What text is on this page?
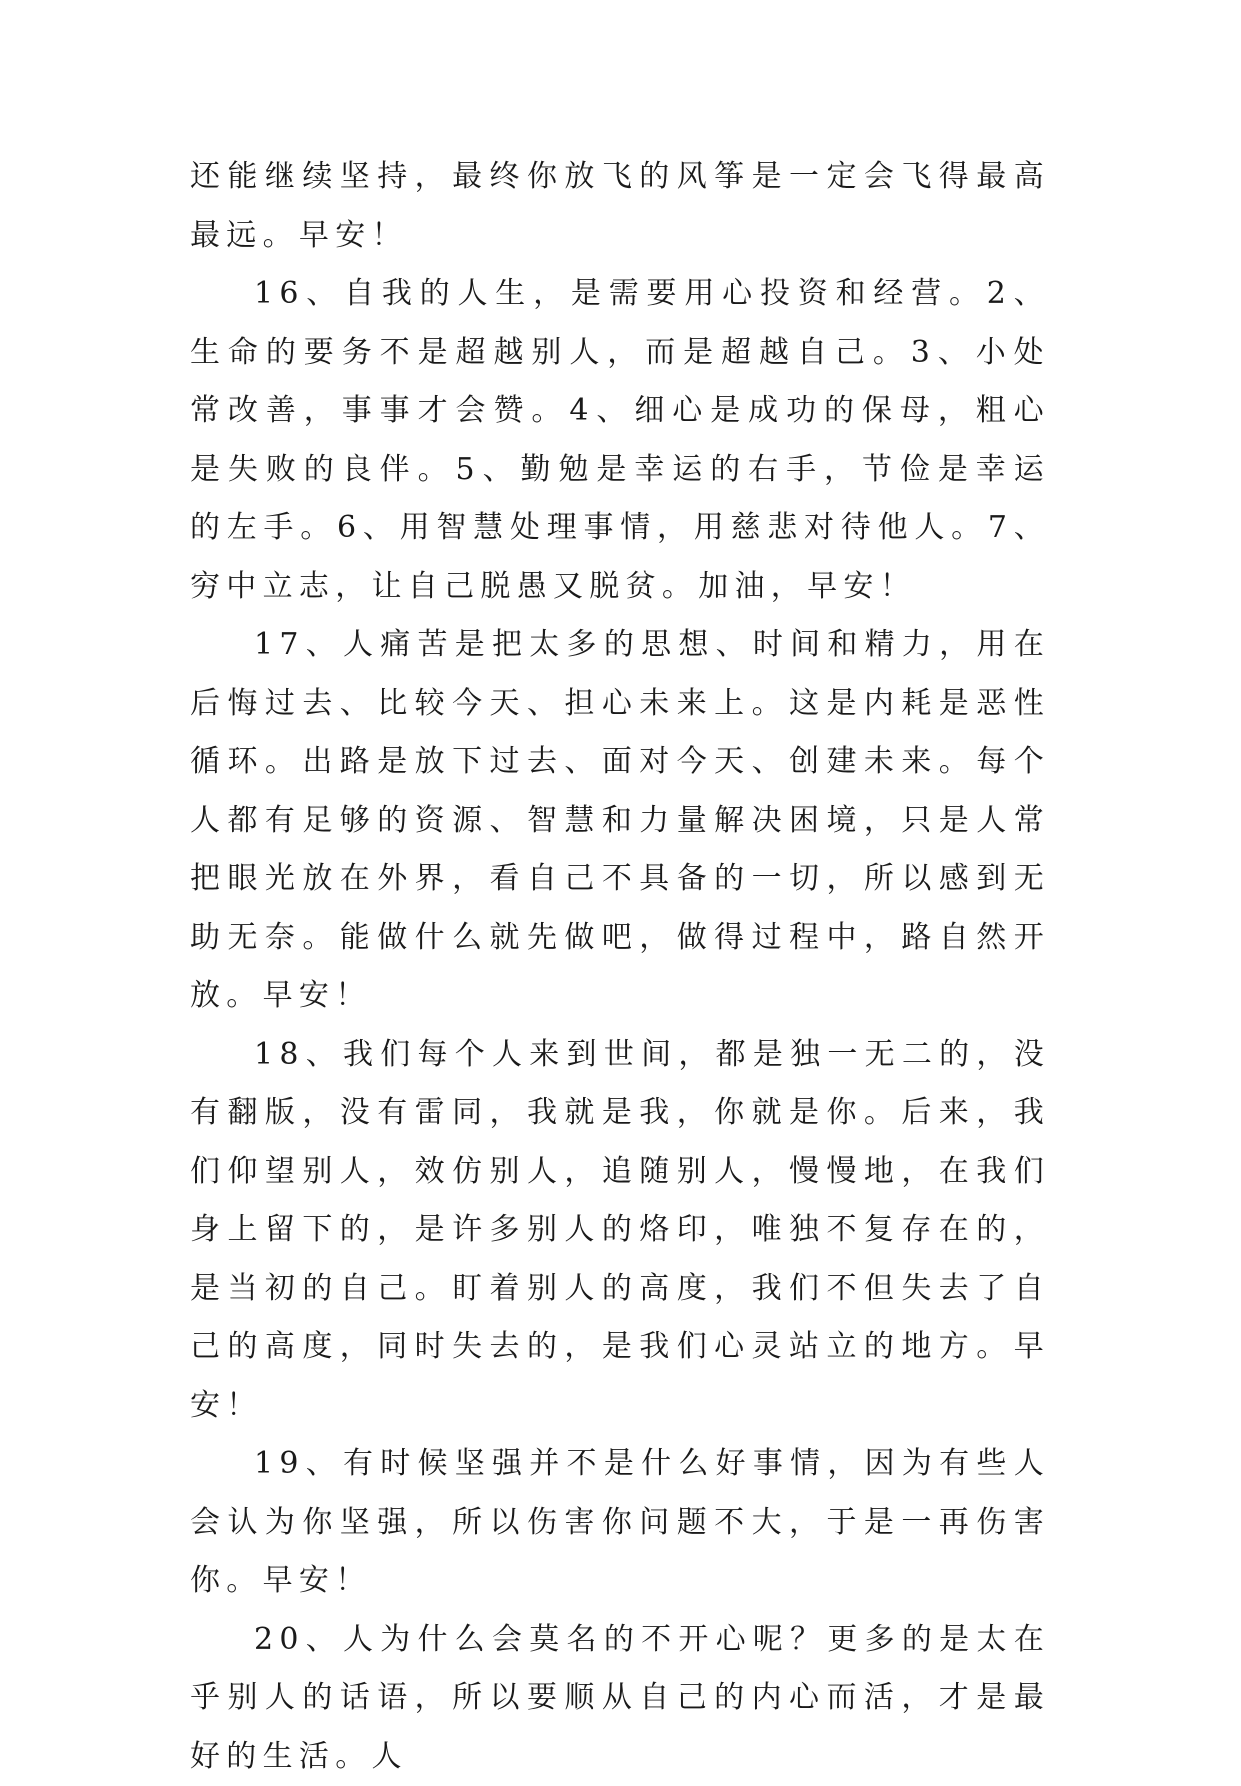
还能继续坚持，最终你放飞的风筝是一定会飞得最高最远。早安！

16、自我的人生，是需要用心投资和经营。2、生命的要务不是超越别人，而是超越自己。3、小处常改善，事事才会赞。4、细心是成功的保母，粗心是失败的良伴。5、勤勉是幸运的右手，节俭是幸运的左手。6、用智慧处理事情，用慈悲对待他人。7、穷中立志，让自己脱愚又脱贫。加油，早安！

17、人痛苦是把太多的思想、时间和精力，用在后悔过去、比较今天、担心未来上。这是内耗是恶性循环。出路是放下过去、面对今天、创建未来。每个人都有足够的资源、智慧和力量解决困境，只是人常把眼光放在外界，看自己不具备的一切，所以感到无助无奈。能做什么就先做吧，做得过程中，路自然开放。早安！

18、我们每个人来到世间，都是独一无二的，没有翻版，没有雷同，我就是我，你就是你。后来，我们仰望别人，效仿别人，追随别人，慢慢地，在我们身上留下的，是许多别人的烙印，唯独不复存在的，是当初的自己。盯着别人的高度，我们不但失去了自己的高度，同时失去的，是我们心灵站立的地方。早安！

19、有时候坚强并不是什么好事情，因为有些人会认为你坚强，所以伤害你问题不大，于是一再伤害你。早安！

20、人为什么会莫名的不开心呢？更多的是太在乎别人的话语，所以要顺从自己的内心而活，才是最好的生活。人
